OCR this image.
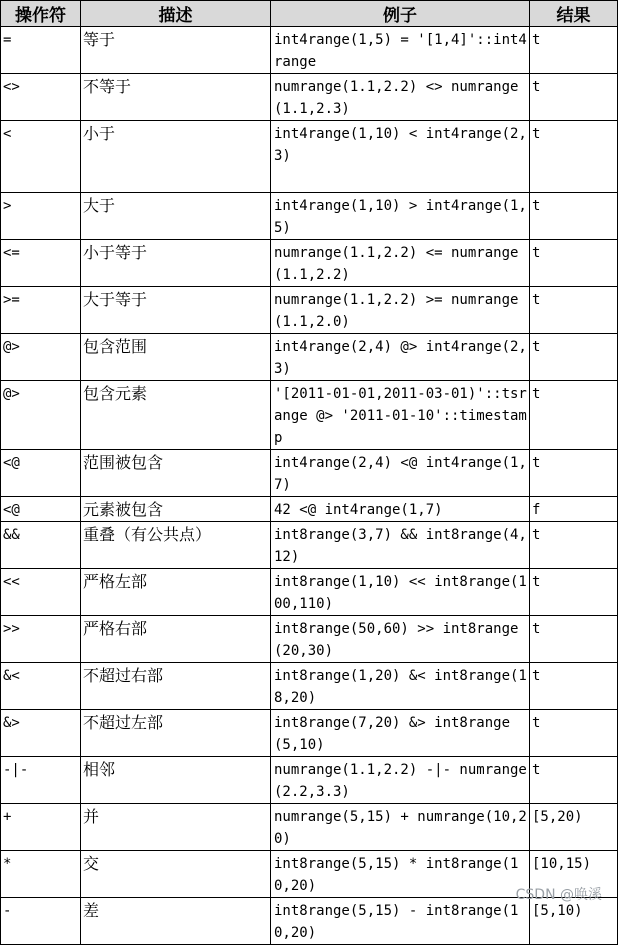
操作符	描述	例子	结果
=	等于	int4range(1,5) = '[1,4]'::int4range	t
<>	不等于	numrange(1.1,2.2) <> numrange(1.1,2.3)	t
<	小于	int4range(1,10) < int4range(2,3)	t
>	大于	int4range(1,10) > int4range(1,5)	t
<=	小于等于	numrange(1.1,2.2) <= numrange(1.1,2.2)	t
>=	大于等于	numrange(1.1,2.2) >= numrange(1.1,2.0)	t
@>	包含范围	int4range(2,4) @> int4range(2,3)	t
@>	包含元素	'[2011-01-01,2011-03-01)'::tsrange @> '2011-01-10'::timestamp	t
<@	范围被包含	int4range(2,4) <@ int4range(1,7)	t
<@	元素被包含	42 <@ int4range(1,7)	f
&&	重叠（有公共点）	int8range(3,7) && int8range(4,12)	t
<<	严格左部	int8range(1,10) << int8range(100,110)	t
>>	严格右部	int8range(50,60) >> int8range(20,30)	t
&<	不超过右部	int8range(1,20) &< int8range(18,20)	t
&>	不超过左部	int8range(7,20) &> int8range(5,10)	t
-|-	相邻	numrange(1.1,2.2) -|- numrange(2.2,3.3)	t
+	并	numrange(5,15) + numrange(10,20)	[5,20)
*	交	int8range(5,15) * int8range(10,20)	[10,15)
-	差	int8range(5,15) - int8range(10,20)	[5,10)
CSDN @唤溪
